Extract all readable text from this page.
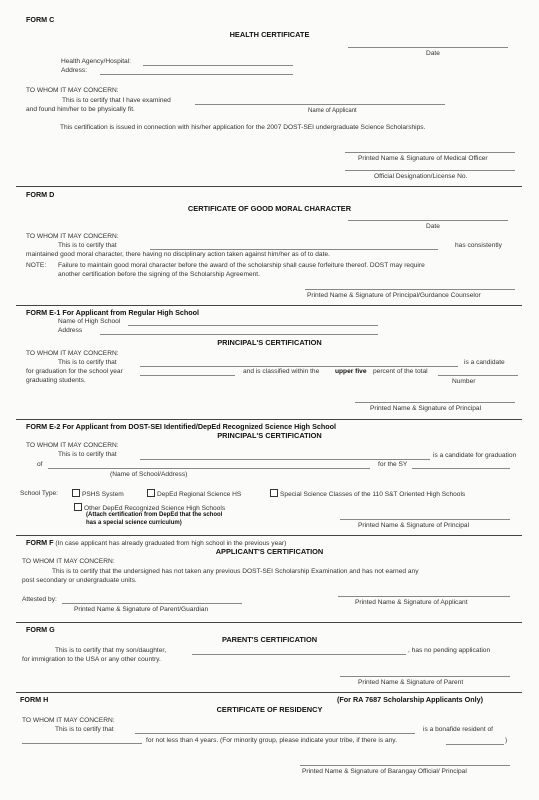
FORM C
HEALTH CERTIFICATE
Date
Health Agency/Hospital:
Address:
TO WHOM IT MAY CONCERN:
This is to certify that I have examined
and found him/her to be physically fit.	Name of Applicant
This certification is issued in connection with his/her application for the 2007 DOST-SEI undergraduate Science Scholarships.
Printed Name & Signature of Medical Officer
Official Designation/License No.
FORM D
CERTIFICATE OF GOOD MORAL CHARACTER
Date
TO WHOM IT MAY CONCERN:
This is to certify that	has consistently
maintained good moral character, there having no disciplinary action taken against him/her as of to date.
NOTE: Failure to maintain good moral character before the award of the scholarship shall cause forfeiture thereof. DOST may require
another certification before the signing of the Scholarship Agreement.
Printed Name & Signature of Principal/Gurdance Counselor
FORM E-1 For Applicant from Regular High School
Name of High School
Address
PRINCIPAL'S CERTIFICATION
TO WHOM IT MAY CONCERN:
This is to certify that	is a candidate
for graduation for the school year	and is classified within the upper five percent of the total
graduating students.	Number
Printed Name & Signature of Principal
FORM E-2 For Applicant from DOST-SEI Identified/DepEd Recognized Science High School
PRINCIPAL'S CERTIFICATION
TO WHOM IT MAY CONCERN:
This is to certify that	is a candidate for graduation
of	for the SY
(Name of School/Address)
School Type:	PSHS System	DepEd Regional Science HS	Special Science Classes of the 110 S&T Oriented High Schools
Other DepEd Recognized Science High Schools
(Attach certification from DepEd that the school
has a special science curriculum)	Printed Name & Signature of Principal
FORM F (In case applicant has already graduated from high school in the previous year)
APPLICANT'S CERTIFICATION
TO WHOM IT MAY CONCERN:
This is to certify that the undersigned has not taken any previous DOST-SEI Scholarship Examination and has not earned any
post secondary or undergraduate units.
Attested by:
Printed Name & Signature of Parent/Guardian
Printed Name & Signature of Applicant
FORM G
PARENT'S CERTIFICATION
This is to certify that my son/daughter,	, has no pending application
for immigration to the USA or any other country.
Printed Name & Signature of Parent
FORM H	(For RA 7687 Scholarship Applicants Only)
CERTIFICATE OF RESIDENCY
TO WHOM IT MAY CONCERN:
This is to certify that	is a bonafide resident of
for not less than 4 years. (For minority group, please indicate your tribe, if there is any.	)
Printed Name & Signature of Barangay Official/ Principal
